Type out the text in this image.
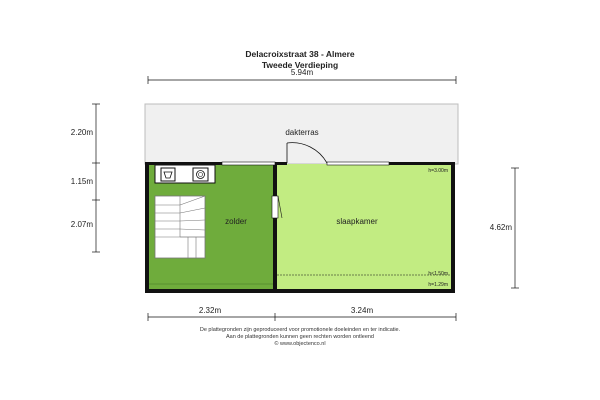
Delacroixstraat 38 - Almere
Tweede Verdieping
dakterras
zolder	slaapkamer
h=3.00m
h<1.50m
h=1.29m
5.94m
2.20m
1.15m
2.07m	4.62m
2.32m	3.24m
De plattegronden zijn geproduceerd voor promotionele doeleinden en ter indicatie.
Aan de plattegronden kunnen geen rechten worden ontleend
© www.objectenco.nl
